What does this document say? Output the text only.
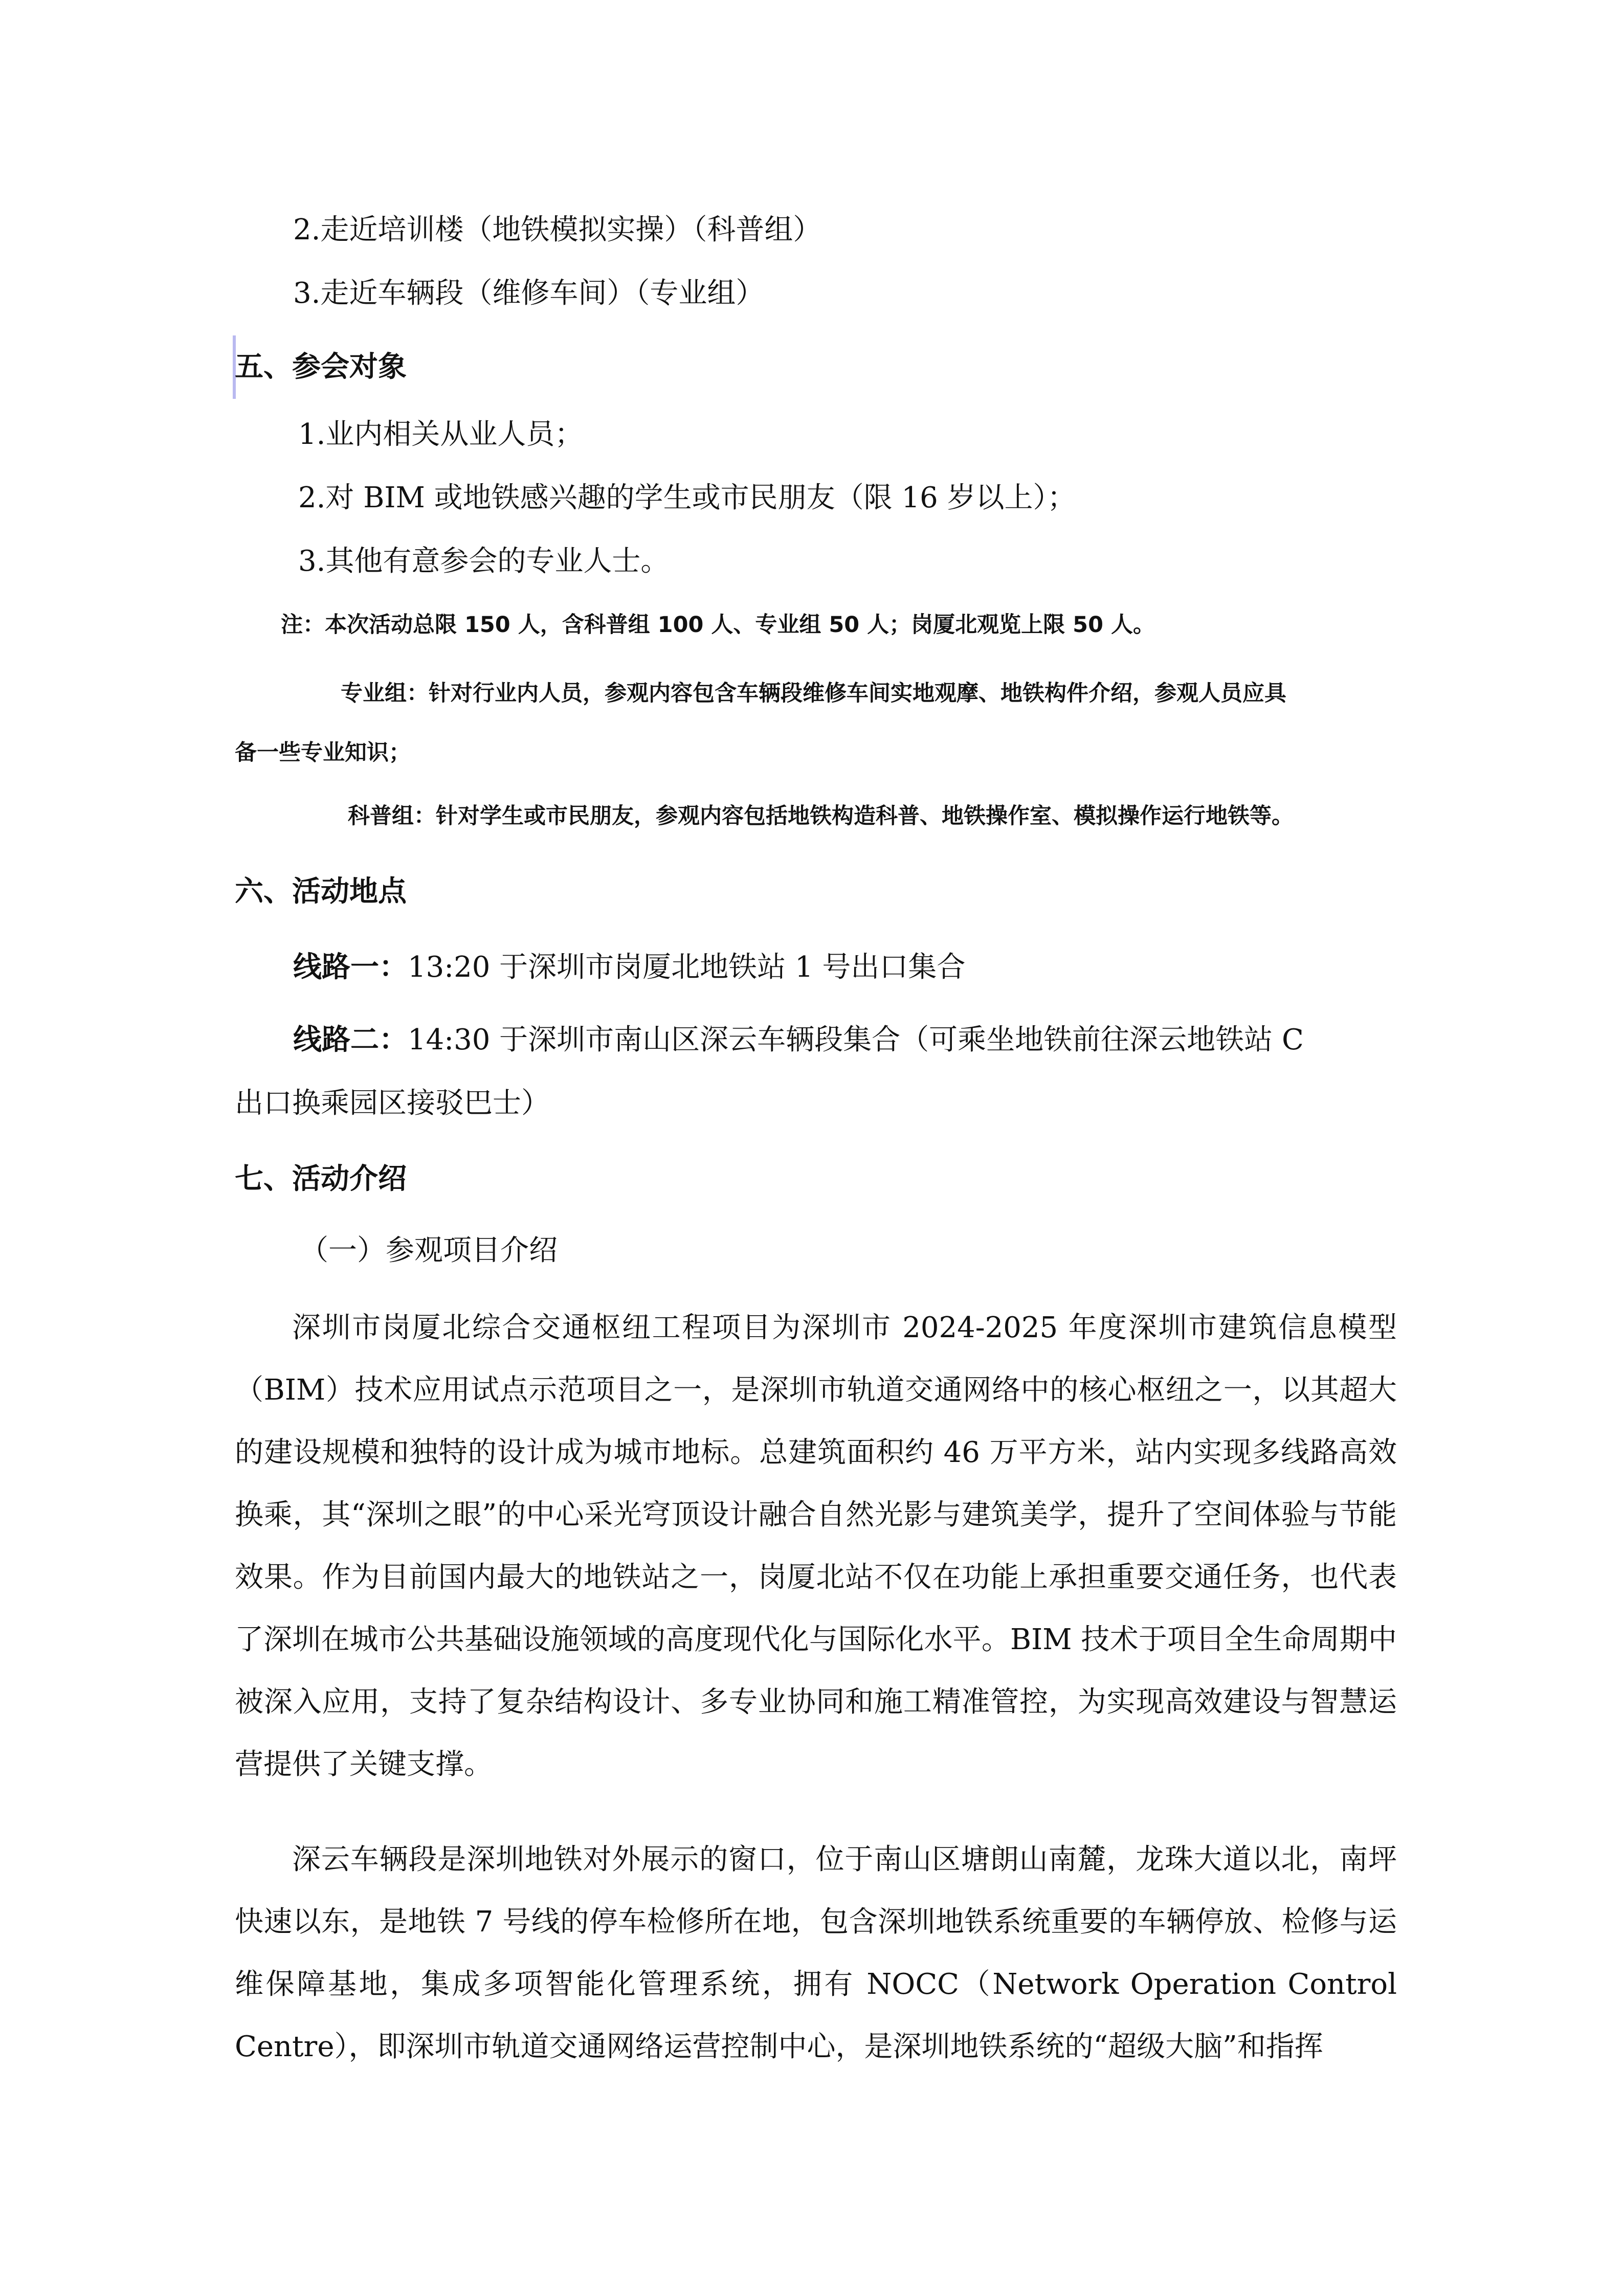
2.走近培训楼（地铁模拟实操）（科普组）
3.走近车辆段（维修车间）（专业组）
五、参会对象
1.业内相关从业人员；
2.对 BIM 或地铁感兴趣的学生或市民朋友（限 16 岁以上）；
3.其他有意参会的专业人士。
注：本次活动总限 150 人，含科普组 100 人、专业组 50 人；岗厦北观览上限 50 人。
专业组：针对行业内人员，参观内容包含车辆段维修车间实地观摩、地铁构件介绍，参观人员应具
备一些专业知识；
科普组：针对学生或市民朋友，参观内容包括地铁构造科普、地铁操作室、模拟操作运行地铁等。
六、活动地点
线路一：13:20 于深圳市岗厦北地铁站 1 号出口集合
线路二：14:30 于深圳市南山区深云车辆段集合（可乘坐地铁前往深云地铁站 C
出口换乘园区接驳巴士）
七、活动介绍
（一）参观项目介绍
深圳市岗厦北综合交通枢纽工程项目为深圳市 2024-2025 年度深圳市建筑信息模型（BIM）技术应用试点示范项目之一，是深圳市轨道交通网络中的核心枢纽之一，以其超大的建设规模和独特的设计成为城市地标。总建筑面积约 46 万平方米，站内实现多线路高效换乘，其“深圳之眼”的中心采光穹顶设计融合自然光影与建筑美学，提升了空间体验与节能效果。作为目前国内最大的地铁站之一，岗厦北站不仅在功能上承担重要交通任务，也代表了深圳在城市公共基础设施领域的高度现代化与国际化水平。BIM 技术于项目全生命周期中被深入应用，支持了复杂结构设计、多专业协同和施工精准管控，为实现高效建设与智慧运营提供了关键支撑。
深云车辆段是深圳地铁对外展示的窗口，位于南山区塘朗山南麓，龙珠大道以北，南坪快速以东，是地铁 7 号线的停车检修所在地，包含深圳地铁系统重要的车辆停放、检修与运维保障基地，集成多项智能化管理系统，拥有 NOCC（Network Operation Control Centre），即深圳市轨道交通网络运营控制中心，是深圳地铁系统的“超级大脑”和指挥
